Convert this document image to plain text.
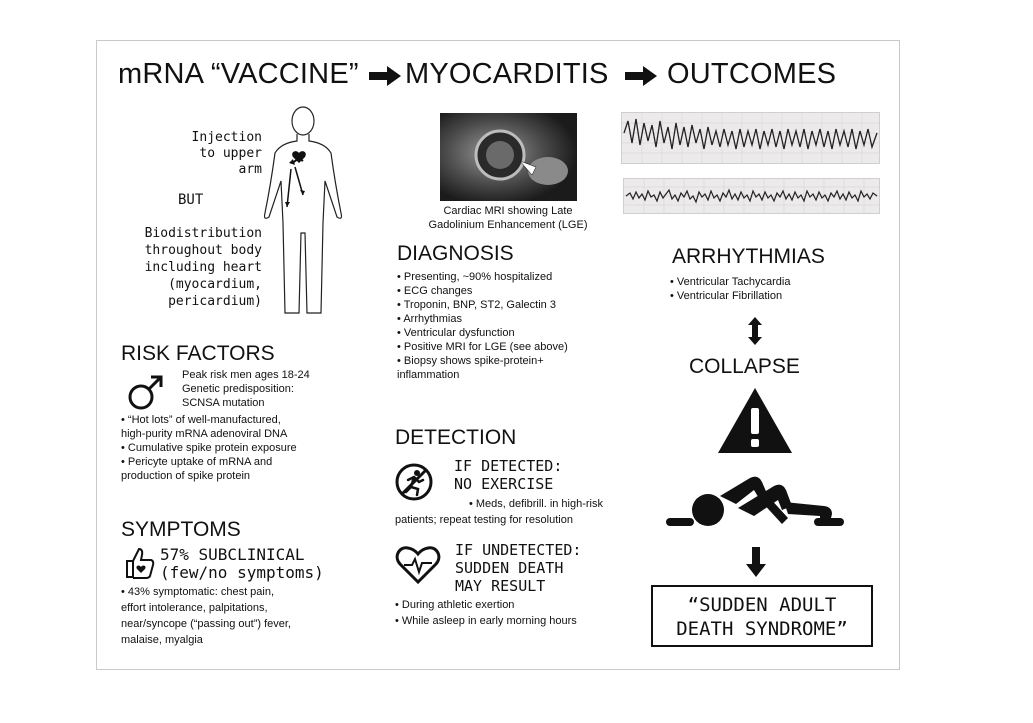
mRNA “VACCINE” MYOCARDITIS OUTCOMES
Injection
to upper
arm
BUT
Biodistribution
throughout body
including heart
(myocardium,
pericardium)
RISK FACTORS
Peak risk men ages 18-24
Genetic predisposition:
SCNSA mutation
• “Hot lots” of well-manufactured,
high-purity mRNA adenoviral DNA
• Cumulative spike protein exposure
• Pericyte uptake of mRNA and
production of spike protein
SYMPTOMS
57% SUBCLINICAL
(few/no symptoms)
• 43% symptomatic: chest pain,
effort intolerance, palpitations,
near/syncope (“passing out”) fever,
malaise, myalgia
Cardiac MRI showing Late
Gadolinium Enhancement (LGE)
DIAGNOSIS
• Presenting, ~90% hospitalized
• ECG changes
• Troponin, BNP, ST2, Galectin 3
• Arrhythmias
• Ventricular dysfunction
• Positive MRI for LGE (see above)
• Biopsy shows spike-protein+
inflammation
DETECTION
IF DETECTED:
NO EXERCISE
• Meds, defibrill. in high-risk
patients; repeat testing for resolution
IF UNDETECTED:
SUDDEN DEATH
MAY RESULT
• During athletic exertion
• While asleep in early morning hours
ARRHYTHMIAS
• Ventricular Tachycardia
• Ventricular Fibrillation
COLLAPSE
“SUDDEN ADULT
DEATH SYNDROME”
